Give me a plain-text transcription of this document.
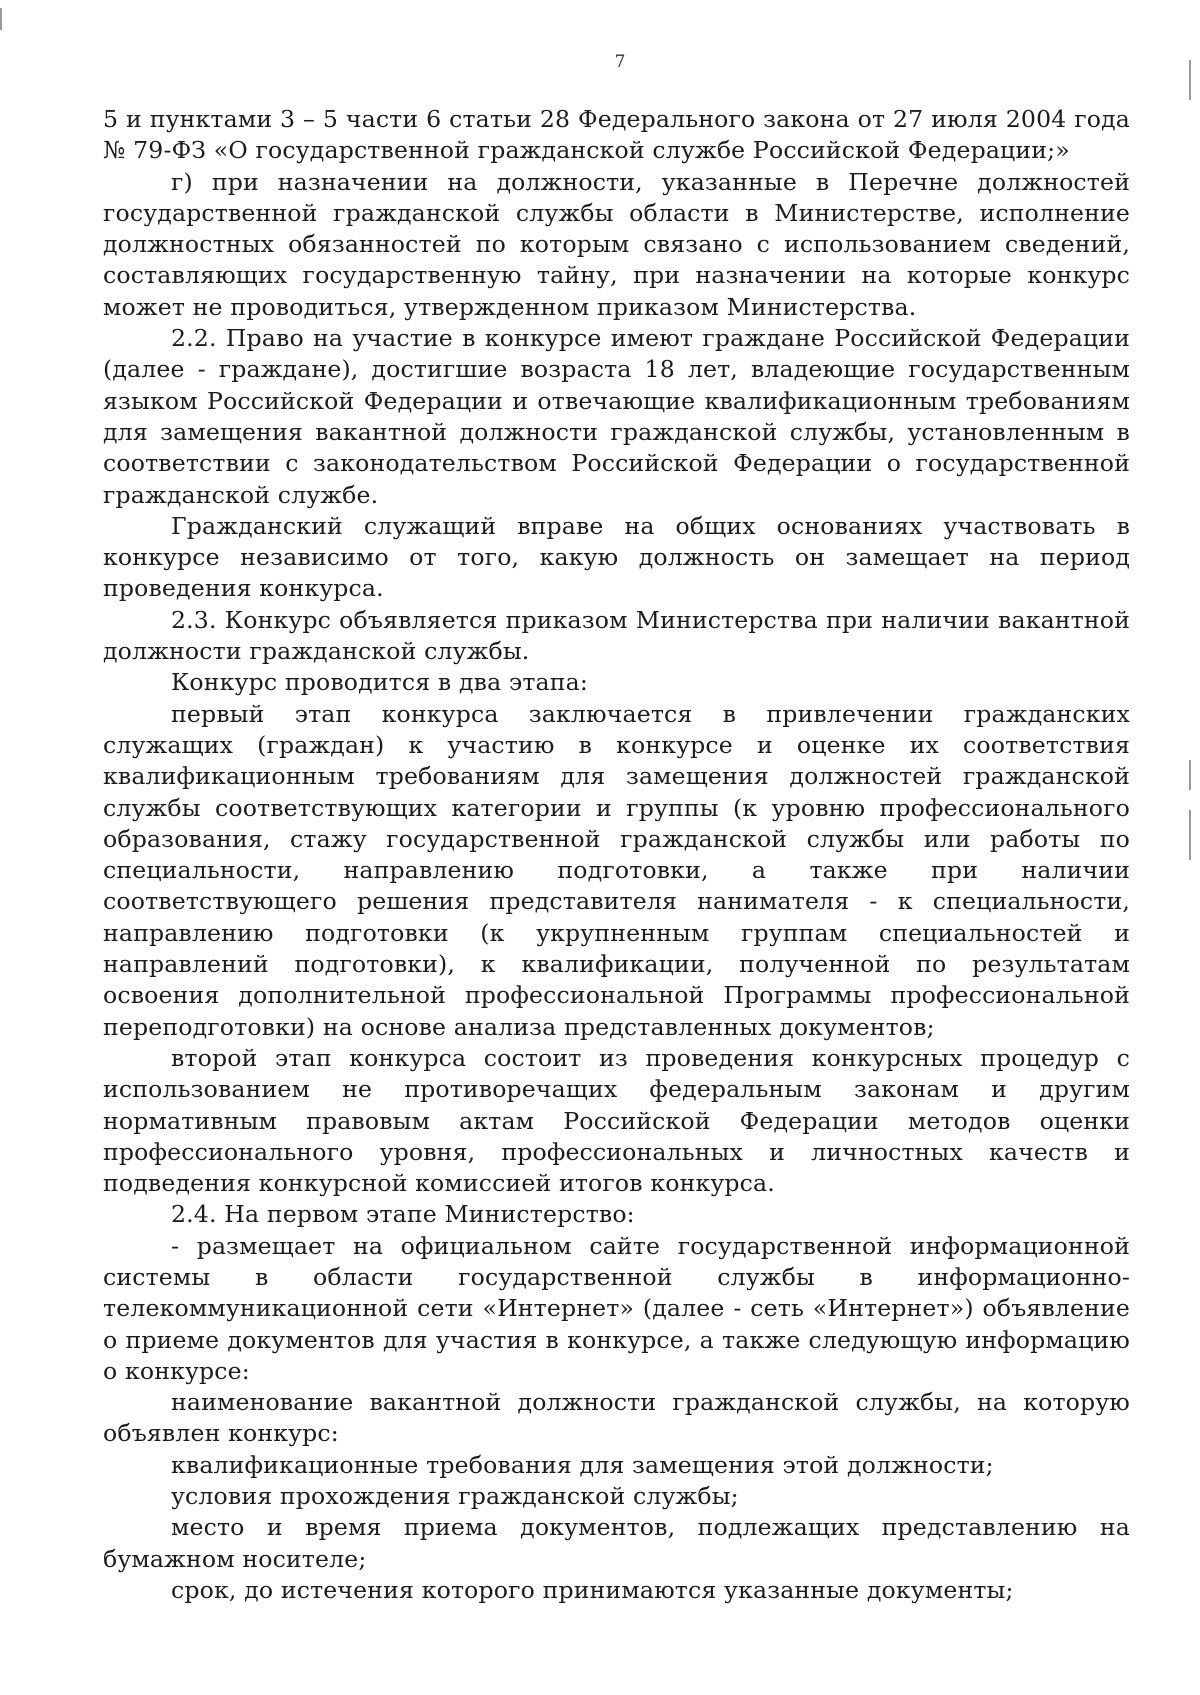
7

5 и пунктами 3 – 5 части 6 статьи 28 Федерального закона от 27 июля 2004 года № 79-ФЗ «О государственной гражданской службе Российской Федерации;»

г) при назначении на должности, указанные в Перечне должностей государственной гражданской службы области в Министерстве, исполнение должностных обязанностей по которым связано с использованием сведений, составляющих государственную тайну, при назначении на которые конкурс может не проводиться, утвержденном приказом Министерства.

2.2. Право на участие в конкурсе имеют граждане Российской Федерации (далее - граждане), достигшие возраста 18 лет, владеющие государственным языком Российской Федерации и отвечающие квалификационным требованиям для замещения вакантной должности гражданской службы, установленным в соответствии с законодательством Российской Федерации о государственной гражданской службе.

Гражданский служащий вправе на общих основаниях участвовать в конкурсе независимо от того, какую должность он замещает на период проведения конкурса.

2.3. Конкурс объявляется приказом Министерства при наличии вакантной должности гражданской службы.

Конкурс проводится в два этапа:

первый этап конкурса заключается в привлечении гражданских служащих (граждан) к участию в конкурсе и оценке их соответствия квалификационным требованиям для замещения должностей гражданской службы соответствующих категории и группы (к уровню профессионального образования, стажу государственной гражданской службы или работы по специальности, направлению подготовки, а также при наличии соответствующего решения представителя нанимателя - к специальности, направлению подготовки (к укрупненным группам специальностей и направлений подготовки), к квалификации, полученной по результатам освоения дополнительной профессиональной Программы профессиональной переподготовки) на основе анализа представленных документов;

второй этап конкурса состоит из проведения конкурсных процедур с использованием не противоречащих федеральным законам и другим нормативным правовым актам Российской Федерации методов оценки профессионального уровня, профессиональных и личностных качеств и подведения конкурсной комиссией итогов конкурса.

2.4. На первом этапе Министерство:

- размещает на официальном сайте государственной информационной системы в области государственной службы в информационно-телекоммуникационной сети «Интернет» (далее - сеть «Интернет») объявление о приеме документов для участия в конкурсе, а также следующую информацию о конкурсе:

наименование вакантной должности гражданской службы, на которую объявлен конкурс:

квалификационные требования для замещения этой должности;

условия прохождения гражданской службы;

место и время приема документов, подлежащих представлению на бумажном носителе;

срок, до истечения которого принимаются указанные документы;
